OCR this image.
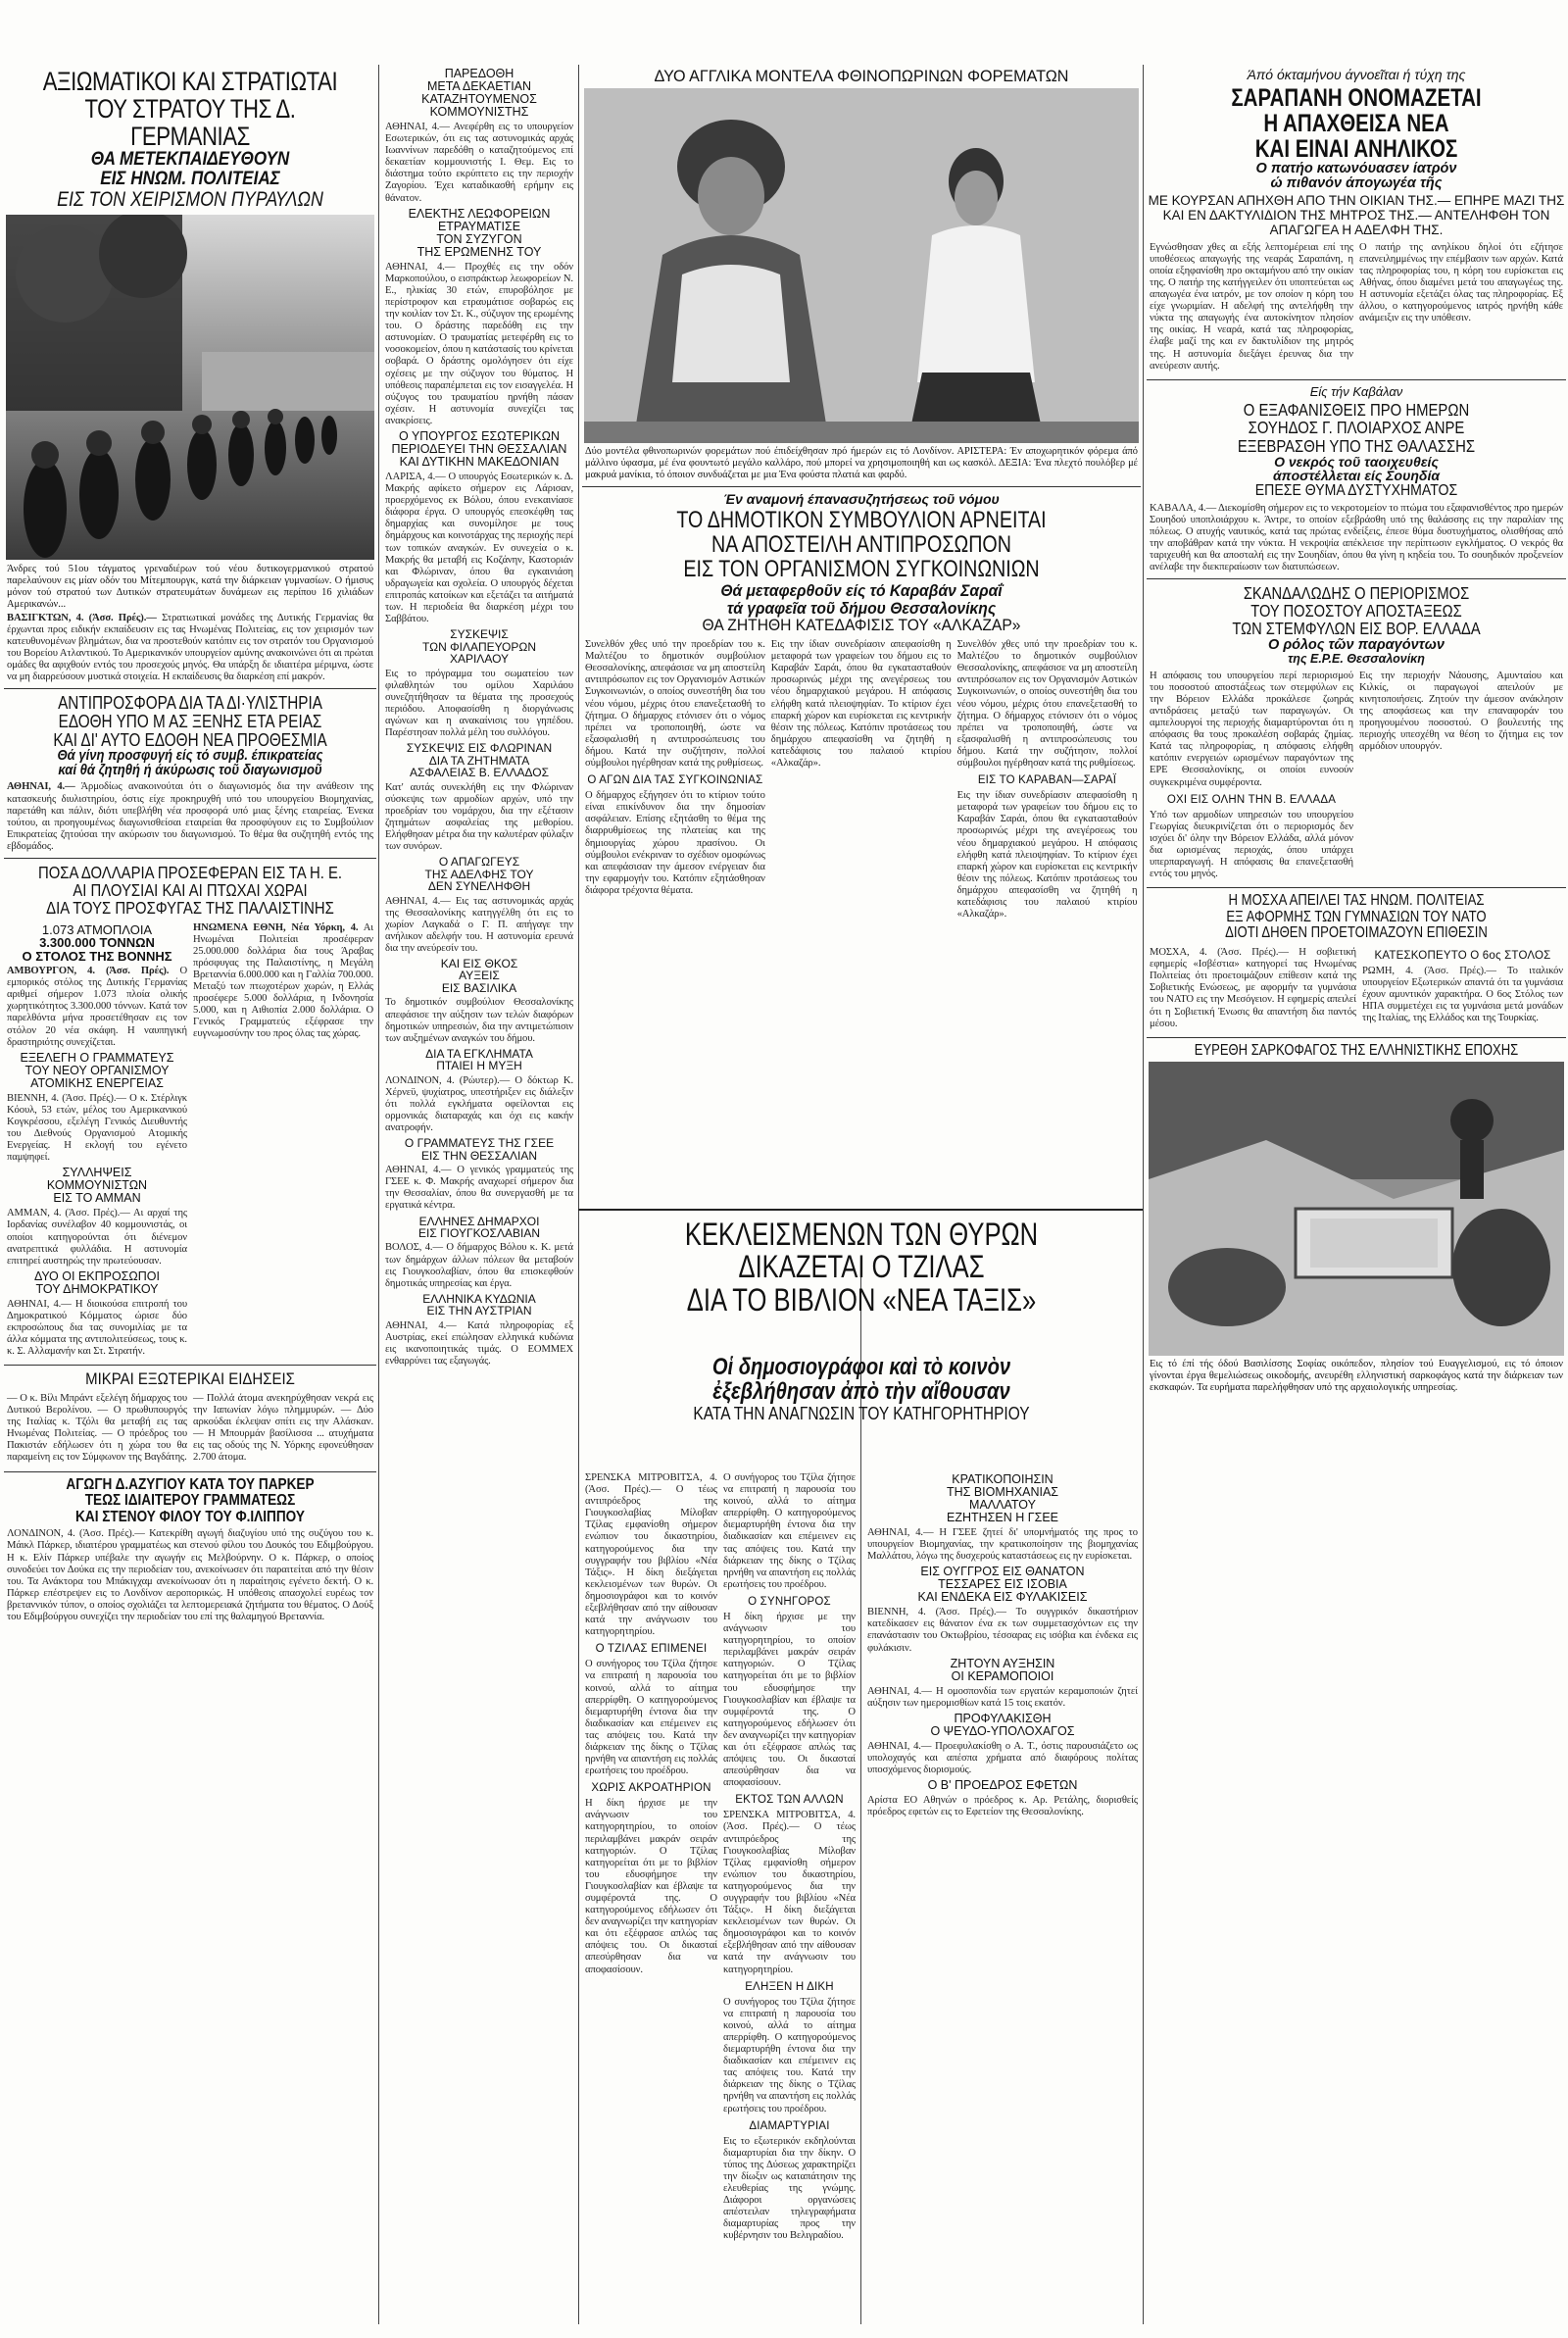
ΑΞΙΩΜΑΤΙΚΟΙ ΚΑΙ ΣΤΡΑΤΙΩΤΑΙ
ΤΟΥ ΣΤΡΑΤΟΥ ΤΗΣ Δ. ΓΕΡΜΑΝΙΑΣ
ΘΑ ΜΕΤΕΚΠΑΙΔΕΥΘΟΥΝ
ΕΙΣ ΗΝΩΜ. ΠΟΛΙΤΕΙΑΣ
ΕΙΣ ΤΟΝ ΧΕΙΡΙΣΜΟΝ ΠΥΡΑΥΛΩΝ
Άνδρες τού 51ου τάγματος γρεναδιέρων τού νέου δυτικογερμανικού στρατού παρελαύνουν εις μίαν οδόν του Μίτεμπουργκ, κατά την διάρκειαν γυμνασίων. Ο ήμισυς μόνον τού στρατού των Δυτικών στρατευμάτων δυνάμεων εις περίπου 16 χιλιάδων Αμερικανών...
ΒΑΣΙΓΚΤΩΝ, 4. (Άσσ. Πρές).— Στρατιωτικαί μονάδες της Δυτικής Γερμανίας θα έρχωνται προς ειδικήν εκπαίδευσιν εις τας Ηνωμένας Πολιτείας, εις τον χειρισμόν των κατευθυνομένων βλημάτων, δια να προστεθούν κατόπιν εις τον στρατόν του Οργανισμού του Βορείου Ατλαντικού. Το Αμερικανικόν υπουργείον αμύνης ανακοινώνει ότι αι πρώται ομάδες θα αφιχθούν εντός του προσεχούς μηνός. Θα υπάρξη δε ιδιαιτέρα μέριμνα, ώστε να μη διαρρεύσουν μυστικά στοιχεία. Η εκπαίδευσις θα διαρκέση επί μακρόν.
ΑΝΤΙΠΡΟΣΦΟΡΑ ΔΙΑ ΤΑ ΔΙ·ΥΛΙΣΤΗΡΙΑ
ΕΔΟΘΗ ΥΠΟ Μ ΑΣ ΞΕΝΗΣ ΕΤΑ ΡΕΙΑΣ
ΚΑΙ ΔΙ' ΑΥΤΟ ΕΔΟΘΗ ΝΕΑ ΠΡΟΘΕΣΜΙΑ
Θά γίνη προσφυγή είς τό συμβ. έπικρατείας
καί θά ζητηθή ή άκύρωσις τοῦ διαγωνισμοῦ
ΑΘΗΝΑΙ, 4.— Άρμοδίως ανακοινούται ότι ο διαγωνισμός δια την ανάθεσιν της κατασκευής διυλιστηρίου, όστις είχε προκηρυχθή υπό του υπουργείου Βιομηχανίας, παρετάθη και πάλιν, διότι υπεβλήθη νέα προσφορά υπό μιας ξένης εταιρείας. Ένεκα τούτου, αι προηγουμένως διαγωνισθείσαι εταιρείαι θα προσφύγουν εις το Συμβούλιον Επικρατείας ζητούσαι την ακύρωσιν του διαγωνισμού. Το θέμα θα συζητηθή εντός της εβδομάδος.
ΠΟΣΑ ΔΟΛΛΑΡΙΑ ΠΡΟΣΕΦΕΡΑΝ ΕΙΣ ΤΑ Η. Ε.
ΑΙ ΠΛΟΥΣΙΑΙ ΚΑΙ ΑΙ ΠΤΩΧΑΙ ΧΩΡΑΙ
ΔΙΑ ΤΟΥΣ ΠΡΟΣΦΥΓΑΣ ΤΗΣ ΠΑΛΑΙΣΤΙΝΗΣ
1.073 ΑΤΜΟΠΛΟΙΑ
3.300.000 ΤΟΝΝΩΝ
Ο ΣΤΟΛΟΣ ΤΗΣ ΒΟΝΝΗΣ
ΑΜΒΟΥΡΓΟΝ, 4. (Άσσ. Πρές). Ο εμπορικός στόλος της Δυτικής Γερμανίας αριθμεί σήμερον 1.073 πλοία ολικής χωρητικότητος 3.300.000 τόννων. Κατά τον παρελθόντα μήνα προσετέθησαν εις τον στόλον 20 νέα σκάφη. Η ναυπηγική δραστηριότης συνεχίζεται.
ΕΞΕΛΕΓΗ Ο ΓΡΑΜΜΑΤΕΥΣ
ΤΟΥ ΝΕΟΥ ΟΡΓΑΝΙΣΜΟΥ
ΑΤΟΜΙΚΗΣ ΕΝΕΡΓΕΙΑΣ
ΒΙΕΝΝΗ, 4. (Άσσ. Πρές).— Ο κ. Στέρλιγκ Κόουλ, 53 ετών, μέλος του Αμερικανικού Κογκρέσσου, εξελέγη Γενικός Διευθυντής του Διεθνούς Οργανισμού Ατομικής Ενεργείας. Η εκλογή του εγένετο παμψηφεί.
ΣΥΛΛΗΨΕΙΣ
ΚΟΜΜΟΥΝΙΣΤΩΝ
ΕΙΣ ΤΟ ΑΜΜΑΝ
ΑΜΜΑΝ, 4. (Άσσ. Πρές).— Αι αρχαί της Ιορδανίας συνέλαβον 40 κομμουνιστάς, οι οποίοι κατηγορούνται ότι διένεμον ανατρεπτικά φυλλάδια. Η αστυνομία επιτηρεί αυστηρώς την πρωτεύουσαν.
ΔΥΟ ΟΙ ΕΚΠΡΟΣΩΠΟΙ
ΤΟΥ ΔΗΜΟΚΡΑΤΙΚΟΥ
ΑΘΗΝΑΙ, 4.— Η διοικούσα επιτροπή του Δημοκρατικού Κόμματος ώρισε δύο εκπροσώπους δια τας συνομιλίας με τα άλλα κόμματα της αντιπολιτεύσεως, τους κ. κ. Σ. Αλλαμανήν και Στ. Στρατήν.
ΗΝΩΜΕΝΑ ΕΘΝΗ, Νέα Υόρκη, 4. Αι Ηνωμέναι Πολιτείαι προσέφεραν 25.000.000 δολλάρια δια τους Άραβας πρόσφυγας της Παλαιστίνης, η Μεγάλη Βρεταννία 6.000.000 και η Γαλλία 700.000. Μεταξύ των πτωχοτέρων χωρών, η Ελλάς προσέφερε 5.000 δολλάρια, η Ινδονησία 5.000, και η Αιθιοπία 2.000 δολλάρια. Ο Γενικός Γραμματεύς εξέφρασε την ευγνωμοσύνην του προς όλας τας χώρας.
ΜΙΚΡΑΙ ΕΞΩΤΕΡΙΚΑΙ ΕΙΔΗΣΕΙΣ
— Ο κ. Βίλι Μπράντ εξελέγη δήμαρχος του Δυτικού Βερολίνου. — Ο πρωθυπουργός της Ιταλίας κ. Τζόλι θα μεταβή εις τας Ηνωμένας Πολιτείας. — Ο πρόεδρος του Πακιστάν εδήλωσεν ότι η χώρα του θα παραμείνη εις τον Σύμφωνον της Βαγδάτης.
— Πολλά άτομα ανεκηρύχθησαν νεκρά εις την Ιαπωνίαν λόγω πλημμυρών. — Δύο αρκούδαι έκλεψαν σπίτι εις την Αλάσκαν. — Η Μπουρμάν βασίλισσα ... ατυχήματα εις τας οδούς της Ν. Υόρκης εφονεύθησαν 2.700 άτομα.
ΑΓΩΓΗ Δ.ΑΖΥΓΙΟΥ ΚΑΤΑ ΤΟΥ ΠΑΡΚΕΡ
ΤΕΩΣ ΙΔΙΑΙΤΕΡΟΥ ΓΡΑΜΜΑΤΕΩΣ
ΚΑΙ ΣΤΕΝΟΥ ΦΙΛΟΥ ΤΟΥ Φ.ΙΛΙΠΠΟΥ
ΛΟΝΔΙΝΟΝ, 4. (Άσσ. Πρές).— Κατεκρίθη αγωγή διαζυγίου υπό της συζύγου του κ. Μάικλ Πάρκερ, ιδιαιτέρου γραμματέως και στενού φίλου του Δουκός του Εδιμβούργου. Η κ. Ελίν Πάρκερ υπέβαλε την αγωγήν εις Μελβούρνην. Ο κ. Πάρκερ, ο οποίος συνοδεύει τον Δούκα εις την περιοδείαν του, ανεκοίνωσεν ότι παραιτείται από την θέσιν του. Τα Ανάκτορα του Μπάκιγχαμ ανεκοίνωσαν ότι η παραίτησις εγένετο δεκτή. Ο κ. Πάρκερ επέστρεψεν εις το Λονδίνον αεροπορικώς. Η υπόθεσις απασχολεί ευρέως τον βρεταννικόν τύπον, ο οποίος σχολιάζει τα λεπτομερειακά ζητήματα του θέματος. Ο Δούξ του Εδιμβούργου συνεχίζει την περιοδείαν του επί της θαλαμηγού Βρεταννία.
ΠΑΡΕΔΟΘΗ
ΜΕΤΑ ΔΕΚΑΕΤΙΑΝ
ΚΑΤΑΖΗΤΟΥΜΕΝΟΣ
ΚΟΜΜΟΥΝΙΣΤΗΣ
ΑΘΗΝΑΙ, 4.— Ανεφέρθη εις το υπουργείον Εσωτερικών, ότι εις τας αστυνομικάς αρχάς Ιωαννίνων παρεδόθη ο καταζητούμενος επί δεκαετίαν κομμουνιστής Ι. Θεμ. Εις το διάστημα τούτο εκρύπτετο εις την περιοχήν Ζαγορίου. Έχει καταδικασθή ερήμην εις θάνατον.
ΕΛΕΚΤΗΣ ΛΕΩΦΟΡΕΙΩΝ
ΕΤΡΑΥΜΑΤΙΣΕ
ΤΟΝ ΣΥΖΥΓΟΝ
ΤΗΣ ΕΡΩΜΕΝΗΣ ΤΟΥ
ΑΘΗΝΑΙ, 4.— Προχθές εις την οδόν Μαρκοπούλου, ο εισπράκτωρ λεωφορείων Ν. Ε., ηλικίας 30 ετών, επυροβόλησε με περίστροφον και ετραυμάτισε σοβαρώς εις την κοιλίαν τον Στ. Κ., σύζυγον της ερωμένης του. Ο δράστης παρεδόθη εις την αστυνομίαν. Ο τραυματίας μετεφέρθη εις το νοσοκομείον, όπου η κατάστασίς του κρίνεται σοβαρά. Ο δράστης ομολόγησεν ότι είχε σχέσεις με την σύζυγον του θύματος. Η υπόθεσις παραπέμπεται εις τον εισαγγελέα. Η σύζυγος του τραυματίου ηρνήθη πάσαν σχέσιν. Η αστυνομία συνεχίζει τας ανακρίσεις.
Ο ΥΠΟΥΡΓΟΣ ΕΣΩΤΕΡΙΚΩΝ
ΠΕΡΙΟΔΕΥΕΙ ΤΗΝ ΘΕΣΣΑΛΙΑΝ
ΚΑΙ ΔΥΤΙΚΗΝ ΜΑΚΕΔΟΝΙΑΝ
ΛΑΡΙΣΑ, 4.— Ο υπουργός Εσωτερικών κ. Δ. Μακρής αφίκετο σήμερον εις Λάρισαν, προερχόμενος εκ Βόλου, όπου ενεκαινίασε διάφορα έργα. Ο υπουργός επεσκέφθη τας δημαρχίας και συνομίλησε με τους δημάρχους και κοινοτάρχας της περιοχής περί των τοπικών αναγκών. Εν συνεχεία ο κ. Μακρής θα μεταβή εις Κοζάνην, Καστοριάν και Φλώριναν, όπου θα εγκαινιάση υδραγωγεία και σχολεία. Ο υπουργός δέχεται επιτροπάς κατοίκων και εξετάζει τα αιτήματά των. Η περιοδεία θα διαρκέση μέχρι του Σαββάτου.
ΣΥΣΚΕΨΙΣ
ΤΩΝ ΦΙΛΑΠΕΥΟΡΩΝ
ΧΑΡΙΛΑΟΥ
Εις το πρόγραμμα του σωματείου των φιλαθλητών του ομίλου Χαριλάου συνεζητήθησαν τα θέματα της προσεχούς περιόδου. Αποφασίσθη η διοργάνωσις αγώνων και η ανακαίνισις του γηπέδου. Παρέστησαν πολλά μέλη του συλλόγου.
ΣΥΣΚΕΨΙΣ ΕΙΣ ΦΛΩΡΙΝΑΝ
ΔΙΑ ΤΑ ΖΗΤΗΜΑΤΑ
ΑΣΦΑΛΕΙΑΣ Β. ΕΛΛΑΔΟΣ
Κατ' αυτάς συνεκλήθη εις την Φλώριναν σύσκεψις των αρμοδίων αρχών, υπό την προεδρίαν του νομάρχου, δια την εξέτασιν ζητημάτων ασφαλείας της μεθορίου. Ελήφθησαν μέτρα δια την καλυτέραν φύλαξιν των συνόρων.
Ο ΑΠΑΓΩΓΕΥΣ
ΤΗΣ ΑΔΕΛΦΗΣ ΤΟΥ
ΔΕΝ ΣΥΝΕΛΗΦΘΗ
ΑΘΗΝΑΙ, 4.— Εις τας αστυνομικάς αρχάς της Θεσσαλονίκης κατηγγέλθη ότι εις το χωρίον Λαγκαδά ο Γ. Π. απήγαγε την ανήλικον αδελφήν του. Η αστυνομία ερευνά δια την ανεύρεσίν του.
ΚΑΙ ΕΙΣ ΘΚΟΣ
ΑΥΞΕΙΣ
ΕΙΣ ΒΑΣΙΛΙΚΑ
Το δημοτικόν συμβούλιον Θεσσαλονίκης απεφάσισε την αύξησιν των τελών διαφόρων δημοτικών υπηρεσιών, δια την αντιμετώπισιν των αυξημένων αναγκών του δήμου.
ΔΙΑ ΤΑ ΕΓΚΛΗΜΑΤΑ
ΠΤΑΙΕΙ Η ΜΥΞΗ
ΛΟΝΔΙΝΟΝ, 4. (Ρώυτερ).— Ο δόκτωρ Κ. Χέρνεϋ, ψυχίατρος, υπεστήριξεν εις διάλεξιν ότι πολλά εγκλήματα οφείλονται εις ορμονικάς διαταραχάς και όχι εις κακήν ανατροφήν.
Ο ΓΡΑΜΜΑΤΕΥΣ ΤΗΣ ΓΣΕΕ
ΕΙΣ ΤΗΝ ΘΕΣΣΑΛΙΑΝ
ΑΘΗΝΑΙ, 4.— Ο γενικός γραμματεύς της ΓΣΕΕ κ. Φ. Μακρής αναχωρεί σήμερον δια την Θεσσαλίαν, όπου θα συνεργασθή με τα εργατικά κέντρα.
ΕΛΛΗΝΕΣ ΔΗΜΑΡΧΟΙ
ΕΙΣ ΓΙΟΥΓΚΟΣΛΑΒΙΑΝ
ΒΟΛΟΣ, 4.— Ο δήμαρχος Βόλου κ. Κ. μετά των δημάρχων άλλων πόλεων θα μεταβούν εις Γιουγκοσλαβίαν, όπου θα επισκεφθούν δημοτικάς υπηρεσίας και έργα.
ΕΛΛΗΝΙΚΑ ΚΥΔΩΝΙΑ
ΕΙΣ ΤΗΝ ΑΥΣΤΡΙΑΝ
ΑΘΗΝΑΙ, 4.— Κατά πληροφορίας εξ Αυστρίας, εκεί επώλησαν ελληνικά κυδώνια εις ικανοποιητικάς τιμάς. Ο ΕΟΜΜΕΧ ενθαρρύνει τας εξαγωγάς.
ΔΥΟ ΑΓΓΛΙΚΑ ΜΟΝΤΕΛΑ ΦΘΙΝΟΠΩΡΙΝΩΝ ΦΟΡΕΜΑΤΩΝ
Δύο μοντέλα φθινοπωρινών φορεμάτων πού έπιδείχθησαν πρό ήμερών εις τό Λονδίνον. ΑΡΙΣΤΕΡΑ: Έν αποχωρητικόν φόρεμα άπό μάλλινο ύφασμα, μέ ένα φουντωτό μεγάλο καλλάρο, πού μπορεί να χρησιμοποιηθή και ως κασκόλ. ΔΕΞΙΑ: Ένα πλεχτό πουλόβερ μέ μακρυά μανίκια, τό όποιον συνδυάζεται με μια Ένα φούστα πλατιά και φαρδύ.
Έν αναμονή έπανασυζητήσεως τοῦ νόμου
ΤΟ ΔΗΜΟΤΙΚΟΝ ΣΥΜΒΟΥΛΙΟΝ ΑΡΝΕΙΤΑΙ
ΝΑ ΑΠΟΣΤΕΙΛΗ ΑΝΤΙΠΡΟΣΩΠΟΝ
ΕΙΣ ΤΟΝ ΟΡΓΑΝΙΣΜΟΝ ΣΥΓΚΟΙΝΩΝΙΩΝ
Θά μεταφερθοῦν είς τό Καραβάν Σαραΐ
τά γραφεῖα τοῦ δήμου Θεσσαλονίκης
ΘΑ ΖΗΤΗΘΗ ΚΑΤΕΔΑΦΙΣΙΣ ΤΟΥ «ΑΛΚΑΖΑΡ»
Συνελθόν χθες υπό την προεδρίαν του κ. Μαλτέζου το δημοτικόν συμβούλιον Θεσσαλονίκης, απεφάσισε να μη αποστείλη αντιπρόσωπον εις τον Οργανισμόν Αστικών Συγκοινωνιών, ο οποίος συνεστήθη δια του νέου νόμου, μέχρις ότου επανεξετασθή το ζήτημα. Ο δήμαρχος ετόνισεν ότι ο νόμος πρέπει να τροποποιηθή, ώστε να εξασφαλισθή η αντιπροσώπευσις του δήμου. Κατά την συζήτησιν, πολλοί σύμβουλοι ηγέρθησαν κατά της ρυθμίσεως.
Ο ΑΓΩΝ ΔΙΑ ΤΑΣ ΣΥΓΚΟΙΝΩΝΙΑΣ
Ο δήμαρχος εξήγησεν ότι το κτίριον τούτο είναι επικίνδυνον δια την δημοσίαν ασφάλειαν. Επίσης εξητάσθη το θέμα της διαρρυθμίσεως της πλατείας και της δημιουργίας χώρου πρασίνου. Οι σύμβουλοι ενέκριναν το σχέδιον ομοφώνως και απεφάσισαν την άμεσον ενέργειαν δια την εφαρμογήν του. Κατόπιν εξητάσθησαν διάφορα τρέχοντα θέματα.
Εις την ίδιαν συνεδρίασιν απεφασίσθη η μεταφορά των γραφείων του δήμου εις το Καραβάν Σαράι, όπου θα εγκατασταθούν προσωρινώς μέχρι της ανεγέρσεως του νέου δημαρχιακού μεγάρου. Η απόφασις ελήφθη κατά πλειοψηφίαν. Το κτίριον έχει επαρκή χώρον και ευρίσκεται εις κεντρικήν θέσιν της πόλεως. Κατόπιν προτάσεως του δημάρχου απεφασίσθη να ζητηθή η κατεδάφισις του παλαιού κτιρίου «Αλκαζάρ».
Συνελθόν χθες υπό την προεδρίαν του κ. Μαλτέζου το δημοτικόν συμβούλιον Θεσσαλονίκης, απεφάσισε να μη αποστείλη αντιπρόσωπον εις τον Οργανισμόν Αστικών Συγκοινωνιών, ο οποίος συνεστήθη δια του νέου νόμου, μέχρις ότου επανεξετασθή το ζήτημα. Ο δήμαρχος ετόνισεν ότι ο νόμος πρέπει να τροποποιηθή, ώστε να εξασφαλισθή η αντιπροσώπευσις του δήμου. Κατά την συζήτησιν, πολλοί σύμβουλοι ηγέρθησαν κατά της ρυθμίσεως.
ΕΙΣ ΤΟ ΚΑΡΑΒΑΝ—ΣΑΡΑΪ
Εις την ίδιαν συνεδρίασιν απεφασίσθη η μεταφορά των γραφείων του δήμου εις το Καραβάν Σαράι, όπου θα εγκατασταθούν προσωρινώς μέχρι της ανεγέρσεως του νέου δημαρχιακού μεγάρου. Η απόφασις ελήφθη κατά πλειοψηφίαν. Το κτίριον έχει επαρκή χώρον και ευρίσκεται εις κεντρικήν θέσιν της πόλεως. Κατόπιν προτάσεως του δημάρχου απεφασίσθη να ζητηθή η κατεδάφισις του παλαιού κτιρίου «Αλκαζάρ».
ΚΕΚΛΕΙΣΜΕΝΩΝ ΤΩΝ ΘΥΡΩΝ
ΔΙΚΑΖΕΤΑΙ Ο ΤΖΙΛΑΣ
ΔΙΑ ΤΟ ΒΙΒΛΙΟΝ «ΝΕΑ ΤΑΞΙΣ»
Οἱ δημοσιογράφοι καὶ τὸ κοινὸν
ἐξεβλήθησαν ἀπὸ τὴν αἴθουσαν
ΚΑΤΑ ΤΗΝ ΑΝΑΓΝΩΣΙΝ ΤΟΥ ΚΑΤΗΓΟΡΗΤΗΡΙΟΥ
ΣΡΕΝΣΚΑ ΜΙΤΡΟΒΙΤΣΑ, 4. (Άσσ. Πρές).— Ο τέως αντιπρόεδρος της Γιουγκοσλαβίας Μίλοβαν Τζίλας εμφανίσθη σήμερον ενώπιον του δικαστηρίου, κατηγορούμενος δια την συγγραφήν του βιβλίου «Νέα Τάξις». Η δίκη διεξάγεται κεκλεισμένων των θυρών. Οι δημοσιογράφοι και το κοινόν εξεβλήθησαν από την αίθουσαν κατά την ανάγνωσιν του κατηγορητηρίου.
Ο ΤΖΙΛΑΣ ΕΠΙΜΕΝΕΙ
Ο συνήγορος του Τζίλα ζήτησε να επιτραπή η παρουσία του κοινού, αλλά το αίτημα απερρίφθη. Ο κατηγορούμενος διεμαρτυρήθη έντονα δια την διαδικασίαν και επέμεινεν εις τας απόψεις του. Κατά την διάρκειαν της δίκης ο Τζίλας ηρνήθη να απαντήση εις πολλάς ερωτήσεις του προέδρου.
ΧΩΡΙΣ ΑΚΡΟΑΤΗΡΙΟΝ
Η δίκη ήρχισε με την ανάγνωσιν του κατηγορητηρίου, το οποίον περιλαμβάνει μακράν σειράν κατηγοριών. Ο Τζίλας κατηγορείται ότι με το βιβλίον του εδυσφήμησε την Γιουγκοσλαβίαν και έβλαψε τα συμφέροντά της. Ο κατηγορούμενος εδήλωσεν ότι δεν αναγνωρίζει την κατηγορίαν και ότι εξέφρασε απλώς τας απόψεις του. Οι δικασταί απεσύρθησαν δια να αποφασίσουν.
Ο συνήγορος του Τζίλα ζήτησε να επιτραπή η παρουσία του κοινού, αλλά το αίτημα απερρίφθη. Ο κατηγορούμενος διεμαρτυρήθη έντονα δια την διαδικασίαν και επέμεινεν εις τας απόψεις του. Κατά την διάρκειαν της δίκης ο Τζίλας ηρνήθη να απαντήση εις πολλάς ερωτήσεις του προέδρου.
Ο ΣΥΝΗΓΟΡΟΣ
Η δίκη ήρχισε με την ανάγνωσιν του κατηγορητηρίου, το οποίον περιλαμβάνει μακράν σειράν κατηγοριών. Ο Τζίλας κατηγορείται ότι με το βιβλίον του εδυσφήμησε την Γιουγκοσλαβίαν και έβλαψε τα συμφέροντά της. Ο κατηγορούμενος εδήλωσεν ότι δεν αναγνωρίζει την κατηγορίαν και ότι εξέφρασε απλώς τας απόψεις του. Οι δικασταί απεσύρθησαν δια να αποφασίσουν.
ΕΚΤΟΣ ΤΩΝ ΑΛΛΩΝ
ΣΡΕΝΣΚΑ ΜΙΤΡΟΒΙΤΣΑ, 4. (Άσσ. Πρές).— Ο τέως αντιπρόεδρος της Γιουγκοσλαβίας Μίλοβαν Τζίλας εμφανίσθη σήμερον ενώπιον του δικαστηρίου, κατηγορούμενος δια την συγγραφήν του βιβλίου «Νέα Τάξις». Η δίκη διεξάγεται κεκλεισμένων των θυρών. Οι δημοσιογράφοι και το κοινόν εξεβλήθησαν από την αίθουσαν κατά την ανάγνωσιν του κατηγορητηρίου.
ΕΛΗΞΕΝ Η ΔΙΚΗ
Ο συνήγορος του Τζίλα ζήτησε να επιτραπή η παρουσία του κοινού, αλλά το αίτημα απερρίφθη. Ο κατηγορούμενος διεμαρτυρήθη έντονα δια την διαδικασίαν και επέμεινεν εις τας απόψεις του. Κατά την διάρκειαν της δίκης ο Τζίλας ηρνήθη να απαντήση εις πολλάς ερωτήσεις του προέδρου.
ΔΙΑΜΑΡΤΥΡΙΑΙ
Εις το εξωτερικόν εκδηλούνται διαμαρτυρίαι δια την δίκην. Ο τύπος της Δύσεως χαρακτηρίζει την δίωξιν ως καταπάτησιν της ελευθερίας της γνώμης. Διάφοροι οργανώσεις απέστειλαν τηλεγραφήματα διαμαρτυρίας προς την κυβέρνησιν του Βελιγραδίου.
ΚΡΑΤΙΚΟΠΟΙΗΣΙΝ
ΤΗΣ ΒΙΟΜΗΧΑΝΙΑΣ
ΜΑΛΛΑΤΟΥ
ΕΖΗΤΗΣΕΝ Η ΓΣΕΕ
ΑΘΗΝΑΙ, 4.— Η ΓΣΕΕ ζητεί δι' υπομνήματός της προς το υπουργείον Βιομηχανίας, την κρατικοποίησιν της βιομηχανίας Μαλλάτου, λόγω της δυσχερούς καταστάσεως εις ην ευρίσκεται.
ΕΙΣ ΟΥΓΓΡΟΣ ΕΙΣ ΘΑΝΑΤΟΝ
ΤΕΣΣΑΡΕΣ ΕΙΣ ΙΣΟΒΙΑ
ΚΑΙ ΕΝΔΕΚΑ ΕΙΣ ΦΥΛΑΚΙΣΕΙΣ
ΒΙΕΝΝΗ, 4. (Άσσ. Πρές).— Το ουγγρικόν δικαστήριον κατεδίκασεν εις θάνατον ένα εκ των συμμετασχόντων εις την επανάστασιν του Οκτωβρίου, τέσσαρας εις ισόβια και ένδεκα εις φυλάκισιν.
ΖΗΤΟΥΝ ΑΥΞΗΣΙΝ
ΟΙ ΚΕΡΑΜΟΠΟΙΟΙ
ΑΘΗΝΑΙ, 4.— Η ομοσπονδία των εργατών κεραμοποιών ζητεί αύξησιν των ημερομισθίων κατά 15 τοις εκατόν.
ΠΡΟΦΥΛΑΚΙΣΘΗ
Ο ΨΕΥΔΟ-ΥΠΟΛΟΧΑΓΟΣ
ΑΘΗΝΑΙ, 4.— Προεφυλακίσθη ο Α. Τ., όστις παρουσιάζετο ως υπολοχαγός και απέσπα χρήματα από διαφόρους πολίτας υποσχόμενος διορισμούς.
Ο Β' ΠΡΟΕΔΡΟΣ ΕΦΕΤΩΝ
Αρίστα ΕΟ Αθηνών ο πρόεδρος κ. Αρ. Ρετάλης, διορισθείς πρόεδρος εφετών εις το Εφετείον της Θεσσαλονίκης.
Άπό όκταμήνου άγνοεῖται ή τύχη της
ΣΑΡΑΠΑΝΗ ΟΝΟΜΑΖΕΤΑΙ
Η ΑΠΑΧΘΕΙΣΑ ΝΕΑ
ΚΑΙ ΕΙΝΑΙ ΑΝΗΛΙΚΟΣ
Ο πατήο κατωνόυασεν ίατρόν
ώ πιθανόν άπογωγέα τῆς
ΜΕ ΚΟΥΡΣΑΝ ΑΠΗΧΘΗ ΑΠΟ ΤΗΝ ΟΙΚΙΑΝ ΤΗΣ.— ΕΠΗΡΕ ΜΑΖΙ ΤΗΣ ΚΑΙ ΕΝ ΔΑΚΤΥΛΙΔΙΟΝ ΤΗΣ ΜΗΤΡΟΣ ΤΗΣ.— ΑΝΤΕΛΗΦΘΗ ΤΟΝ ΑΠΑΓΩΓΕΑ Η ΑΔΕΛΦΗ ΤΗΣ.
Εγνώσθησαν χθες αι εξής λεπτομέρειαι επί της υποθέσεως απαγωγής της νεαράς Σαραπάνη, η οποία εξηφανίσθη προ οκταμήνου από την οικίαν της. Ο πατήρ της κατήγγειλεν ότι υποπτεύεται ως απαγωγέα ένα ιατρόν, με τον οποίον η κόρη του είχε γνωριμίαν. Η αδελφή της αντελήφθη την νύκτα της απαγωγής ένα αυτοκίνητον πλησίον της οικίας. Η νεαρά, κατά τας πληροφορίας, έλαβε μαζί της και εν δακτυλίδιον της μητρός της. Η αστυνομία διεξάγει έρευνας δια την ανεύρεσιν αυτής.
Ο πατήρ της ανηλίκου δηλοί ότι εζήτησε επανειλημμένως την επέμβασιν των αρχών. Κατά τας πληροφορίας του, η κόρη του ευρίσκεται εις Αθήνας, όπου διαμένει μετά του απαγωγέως της. Η αστυνομία εξετάζει όλας τας πληροφορίας. Εξ άλλου, ο κατηγορούμενος ιατρός ηρνήθη κάθε ανάμειξιν εις την υπόθεσιν.
Είς τήν Καβάλαν
Ο ΕΞΑΦΑΝΙΣΘΕΙΣ ΠΡΟ ΗΜΕΡΩΝ
ΣΟΥΗΔΟΣ Γ. ΠΛΟΙΑΡΧΟΣ ΑΝΡΕ
ΕΞΕΒΡΑΣΘΗ ΥΠΟ ΤΗΣ ΘΑΛΑΣΣΗΣ
Ο νεκρός τοῦ ταοιχευθείς
άποστέλλεται είς Σουηδία
ΕΠΕΣΕ ΘΥΜΑ ΔΥΣΤΥΧΗΜΑΤΟΣ
ΚΑΒΑΛΑ, 4.— Διεκομίσθη σήμερον εις το νεκροτομείον το πτώμα του εξαφανισθέντος προ ημερών Σουηδού υποπλοιάρχου κ. Άντρε, το οποίον εξεβράσθη υπό της θαλάσσης εις την παραλίαν της πόλεως. Ο ατυχής ναυτικός, κατά τας πρώτας ενδείξεις, έπεσε θύμα δυστυχήματος, ολισθήσας από την αποβάθραν κατά την νύκτα. Η νεκροψία απέκλεισε την περίπτωσιν εγκλήματος. Ο νεκρός θα ταριχευθή και θα αποσταλή εις την Σουηδίαν, όπου θα γίνη η κηδεία του. Το σουηδικόν προξενείον ανέλαβε την διεκπεραίωσιν των διατυπώσεων.
ΣΚΑΝΔΑΛΩΔΗΣ Ο ΠΕΡΙΟΡΙΣΜΟΣ
ΤΟΥ ΠΟΣΟΣΤΟΥ ΑΠΟΣΤΑΞΕΩΣ
ΤΩΝ ΣΤΕΜΦΥΛΩΝ ΕΙΣ ΒΟΡ. ΕΛΛΑΔΑ
Ο ρόλος τῶν παραγόντων
της Ε.Ρ.Ε. Θεσσαλονίκη
Η απόφασις του υπουργείου περί περιορισμού του ποσοστού αποστάξεως των στεμφύλων εις την Βόρειον Ελλάδα προκάλεσε ζωηράς αντιδράσεις μεταξύ των παραγωγών. Οι αμπελουργοί της περιοχής διαμαρτύρονται ότι η απόφασις θα τους προκαλέση σοβαράς ζημίας. Κατά τας πληροφορίας, η απόφασις ελήφθη κατόπιν ενεργειών ωρισμένων παραγόντων της ΕΡΕ Θεσσαλονίκης, οι οποίοι ευνοούν συγκεκριμένα συμφέροντα.
ΟΧΙ ΕΙΣ ΟΛΗΝ ΤΗΝ Β. ΕΛΛΑΔΑ
Υπό των αρμοδίων υπηρεσιών του υπουργείου Γεωργίας διευκρινίζεται ότι ο περιορισμός δεν ισχύει δι' όλην την Βόρειον Ελλάδα, αλλά μόνον δια ωρισμένας περιοχάς, όπου υπάρχει υπερπαραγωγή. Η απόφασις θα επανεξετασθή εντός του μηνός.
Εις την περιοχήν Νάουσης, Αμυνταίου και Κιλκίς, οι παραγωγοί απειλούν με κινητοποιήσεις. Ζητούν την άμεσον ανάκλησιν της αποφάσεως και την επαναφοράν του προηγουμένου ποσοστού. Ο βουλευτής της περιοχής υπεσχέθη να θέση το ζήτημα εις τον αρμόδιον υπουργόν.
Η ΜΟΣΧΑ ΑΠΕΙΛΕΙ ΤΑΣ ΗΝΩΜ. ΠΟΛΙΤΕΙΑΣ
ΕΞ ΑΦΟΡΜΗΣ ΤΩΝ ΓΥΜΝΑΣΙΩΝ ΤΟΥ ΝΑΤΟ
ΔΙΟΤΙ ΔΗΘΕΝ ΠΡΟΕΤΟΙΜΑΖΟΥΝ ΕΠΙΘΕΣΙΝ
ΜΟΣΧΑ, 4. (Άσσ. Πρές).— Η σοβιετική εφημερίς «Ισβέστια» κατηγορεί τας Ηνωμένας Πολιτείας ότι προετοιμάζουν επίθεσιν κατά της Σοβιετικής Ενώσεως, με αφορμήν τα γυμνάσια του ΝΑΤΟ εις την Μεσόγειον. Η εφημερίς απειλεί ότι η Σοβιετική Ένωσις θα απαντήση δια παντός μέσου.
ΚΑΤΕΣΚΟΠΕΥΤΟ Ο 6ος ΣΤΟΛΟΣ
ΡΩΜΗ, 4. (Άσσ. Πρές).— Το ιταλικόν υπουργείον Εξωτερικών απαντά ότι τα γυμνάσια έχουν αμυντικόν χαρακτήρα. Ο 6ος Στόλος των ΗΠΑ συμμετέχει εις τα γυμνάσια μετά μονάδων της Ιταλίας, της Ελλάδος και της Τουρκίας.
ΕΥΡΕΘΗ ΣΑΡΚΟΦΑΓΟΣ ΤΗΣ ΕΛΛΗΝΙΣΤΙΚΗΣ ΕΠΟΧΗΣ
Εις τό έπί τής όδού Βασιλίσσης Σοφίας οικόπεδον, πλησίον τού Ευαγγελισμού, εις τό όποιον γίνονται έργα θεμελιώσεως οικοδομής, ανευρέθη ελληνιστική σαρκοφάγος κατά την διάρκειαν των εκσκαφών. Τα ευρήματα παρελήφθησαν υπό της αρχαιολογικής υπηρεσίας.
